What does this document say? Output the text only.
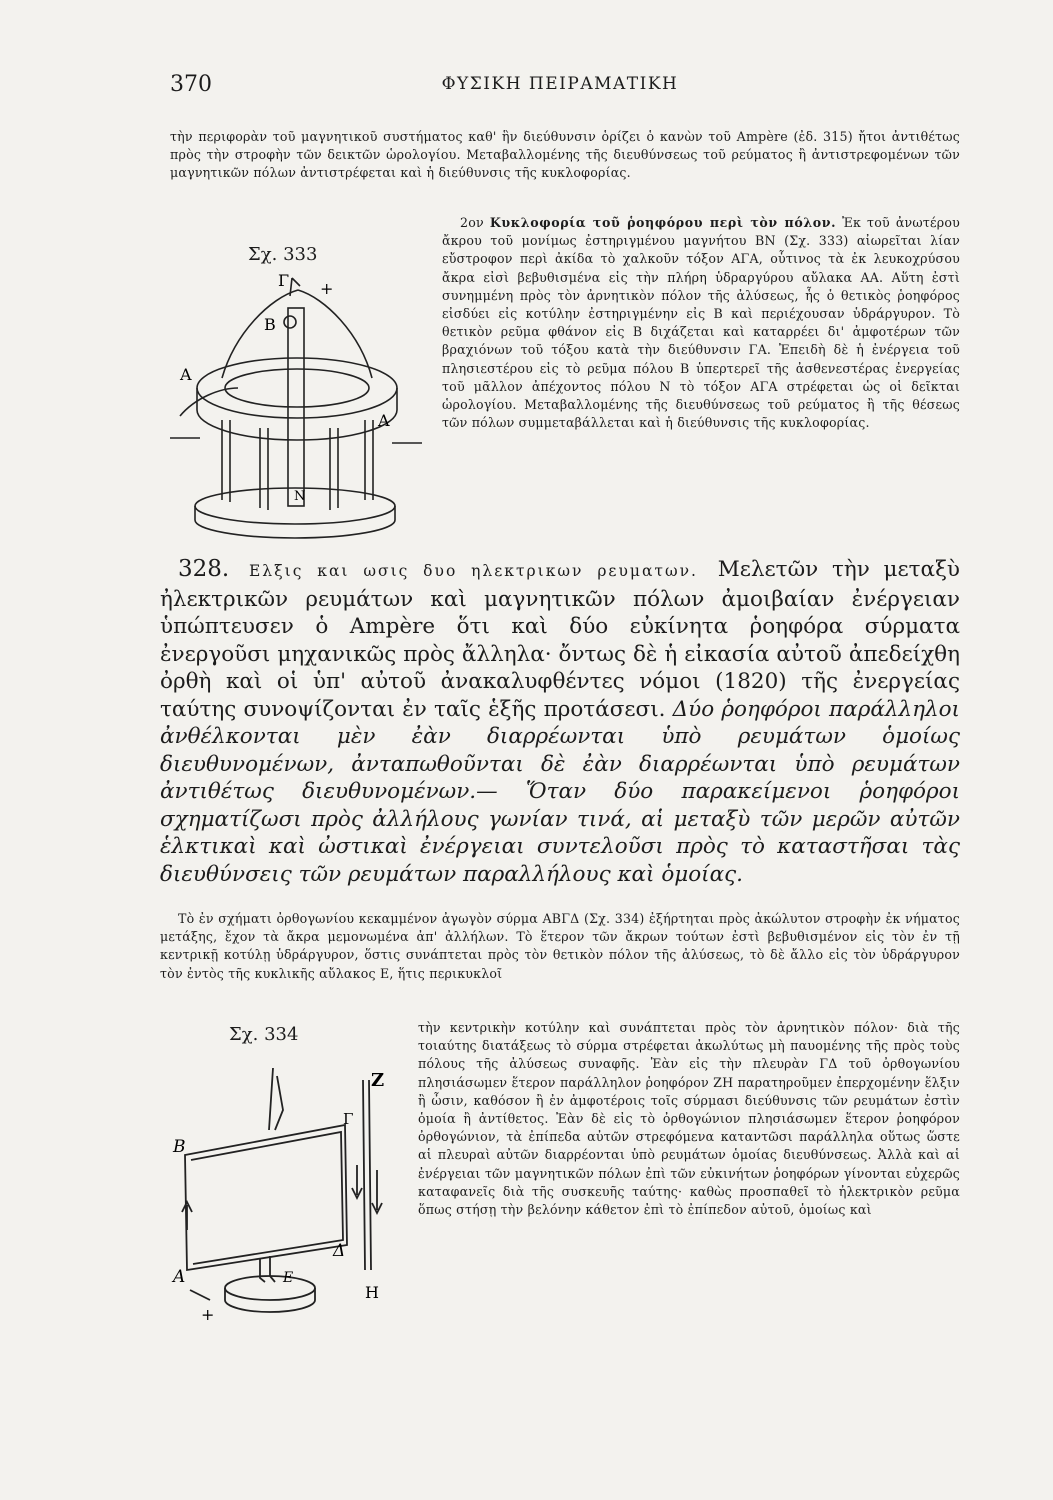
370	ΦΥΣΙΚΗ ΠΕΙΡΑΜΑΤΙΚΗ

τὴν περιφορὰν τοῦ μαγνητικοῦ συστήματος καθ' ἣν διεύθυνσιν ὁρίζει ὁ κανὼν τοῦ Ampère (ἐδ. 315) ἤτοι ἀντιθέτως πρὸς τὴν στροφὴν τῶν δεικτῶν ὡρολογίου. Μεταβαλλομένης τῆς διευθύνσεως τοῦ ρεύματος ἢ ἀντιστρεφομένων τῶν μαγνητικῶν πόλων ἀντιστρέφεται καὶ ἡ διεύθυνσις τῆς κυκλοφορίας.

Σχ. 333
Γ +
Β
Α
Α
Ν

2ον Κυκλοφορία τοῦ ῥοηφόρου περὶ τὸν πόλον. Ἐκ τοῦ ἀνωτέρου ἄκρου τοῦ μονίμως ἐστηριγμένου μαγνήτου ΒΝ (Σχ. 333) αἰωρεῖται λίαν εὔστροφον περὶ ἀκίδα τὸ χαλκοῦν τόξον ΑΓΑ, οὗτινος τὰ ἐκ λευκοχρύσου ἄκρα εἰσὶ βεβυθισμένα εἰς τὴν πλήρη ὑδραργύρου αὔλακα ΑΑ. Αὕτη ἐστὶ συνημμένη πρὸς τὸν ἀρνητικὸν πόλον τῆς ἀλύσεως, ἧς ὁ θετικὸς ῥοηφόρος εἰσδύει εἰς κοτύλην ἐστηριγμένην εἰς Β καὶ περιέχουσαν ὑδράργυρον. Τὸ θετικὸν ρεῦμα φθάνον εἰς Β διχάζεται καὶ καταρρέει δι' ἀμφοτέρων τῶν βραχιόνων τοῦ τόξου κατὰ τὴν διεύθυνσιν ΓΑ. Ἐπειδὴ δὲ ἡ ἐνέργεια τοῦ πλησιεστέρου εἰς τὸ ρεῦμα πόλου Β ὑπερτερεῖ τῆς ἀσθενεστέρας ἐνεργείας τοῦ μᾶλλον ἀπέχοντος πόλου Ν τὸ τόξον ΑΓΑ στρέφεται ὡς οἱ δεῖκται ὡρολογίου. Μεταβαλλομένης τῆς διευθύνσεως τοῦ ρεύματος ἢ τῆς θέσεως τῶν πόλων συμμεταβάλλεται καὶ ἡ διεύθυνσις τῆς κυκλοφορίας.

328. Ελξις και ωσις δυο ηλεκτρικων ρευματων. Μελετῶν τὴν μεταξὺ ἠλεκτρικῶν ρευμάτων καὶ μαγνητικῶν πόλων ἀμοιβαίαν ἐνέργειαν ὑπώπτευσεν ὁ Ampère ὅτι καὶ δύο εὐκίνητα ῥοηφόρα σύρματα ἐνεργοῦσι μηχανικῶς πρὸς ἄλληλα· ὄντως δὲ ἡ εἰκασία αὐτοῦ ἀπεδείχθη ὀρθὴ καὶ οἱ ὑπ' αὐτοῦ ἀνακαλυφθέντες νόμοι (1820) τῆς ἐνεργείας ταύτης συνοψίζονται ἐν ταῖς ἑξῆς προτάσεσι. Δύο ῥοηφόροι παράλληλοι ἀνθέλκονται μὲν ἐὰν διαρρέωνται ὑπὸ ρευμάτων ὁμοίως διευθυνομένων, ἀνταπωθοῦνται δὲ ἐὰν διαρρέωνται ὑπὸ ρευμάτων ἀντιθέτως διευθυνομένων.— Ὅταν δύο παρακείμενοι ῥοηφόροι σχηματίζωσι πρὸς ἀλλήλους γωνίαν τινά, αἱ μεταξὺ τῶν μερῶν αὐτῶν ἑλκτικαὶ καὶ ὠστικαὶ ἐνέργειαι συντελοῦσι πρὸς τὸ καταστῆσαι τὰς διευθύνσεις τῶν ρευμάτων παραλλήλους καὶ ὁμοίας.

Τὸ ἐν σχήματι ὀρθογωνίου κεκαμμένον ἀγωγὸν σύρμα ΑΒΓΔ (Σχ. 334) ἐξήρτηται πρὸς ἀκώλυτον στροφὴν ἐκ νήματος μετάξης, ἔχον τὰ ἄκρα μεμονωμένα ἀπ' ἀλλήλων. Τὸ ἕτερον τῶν ἄκρων τούτων ἐστὶ βεβυθισμένον εἰς τὸν ἐν τῇ κεντρικῇ κοτύλῃ ὑδράργυρον, ὅστις συνάπτεται πρὸς τὸν θετικὸν πόλον τῆς ἀλύσεως, τὸ δὲ ἄλλο εἰς τὸν ὑδράργυρον τὸν ἐντὸς τῆς κυκλικῆς αὔλακος Ε, ἥτις περικυκλοῖ

Σχ. 334
Ζ
Β
Γ
Δ
Α	Ε
Η
+

τὴν κεντρικὴν κοτύλην καὶ συνάπτεται πρὸς τὸν ἀρνητικὸν πόλον· διὰ τῆς τοιαύτης διατάξεως τὸ σύρμα στρέφεται ἀκωλύτως μὴ παυομένης τῆς πρὸς τοὺς πόλους τῆς ἀλύσεως συναφῆς. Ἐὰν εἰς τὴν πλευρὰν ΓΔ τοῦ ὀρθογωνίου πλησιάσωμεν ἕτερον παράλληλον ῥοηφόρον ΖΗ παρατηροῦμεν ἐπερχομένην ἕλξιν ἢ ὦσιν, καθόσον ἢ ἐν ἀμφοτέροις τοῖς σύρμασι διεύθυνσις τῶν ρευμάτων ἐστὶν ὁμοία ἢ ἀντίθετος. Ἐὰν δὲ εἰς τὸ ὀρθογώνιον πλησιάσωμεν ἕτερον ῥοηφόρον ὀρθογώνιον, τὰ ἐπίπεδα αὐτῶν στρεφόμενα καταντῶσι παράλληλα οὕτως ὥστε αἱ πλευραὶ αὐτῶν διαρρέονται ὑπὸ ρευμάτων ὁμοίας διευθύνσεως. Ἀλλὰ καὶ αἱ ἐνέργειαι τῶν μαγνητικῶν πόλων ἐπὶ τῶν εὐκινήτων ῥοηφόρων γίνονται εὐχερῶς καταφανεῖς διὰ τῆς συσκευῆς ταύτης· καθὼς προσπαθεῖ τὸ ἠλεκτρικὸν ρεῦμα ὅπως στήσῃ τὴν βελόνην κάθετον ἐπὶ τὸ ἐπίπεδον αὐτοῦ, ὁμοίως καὶ
